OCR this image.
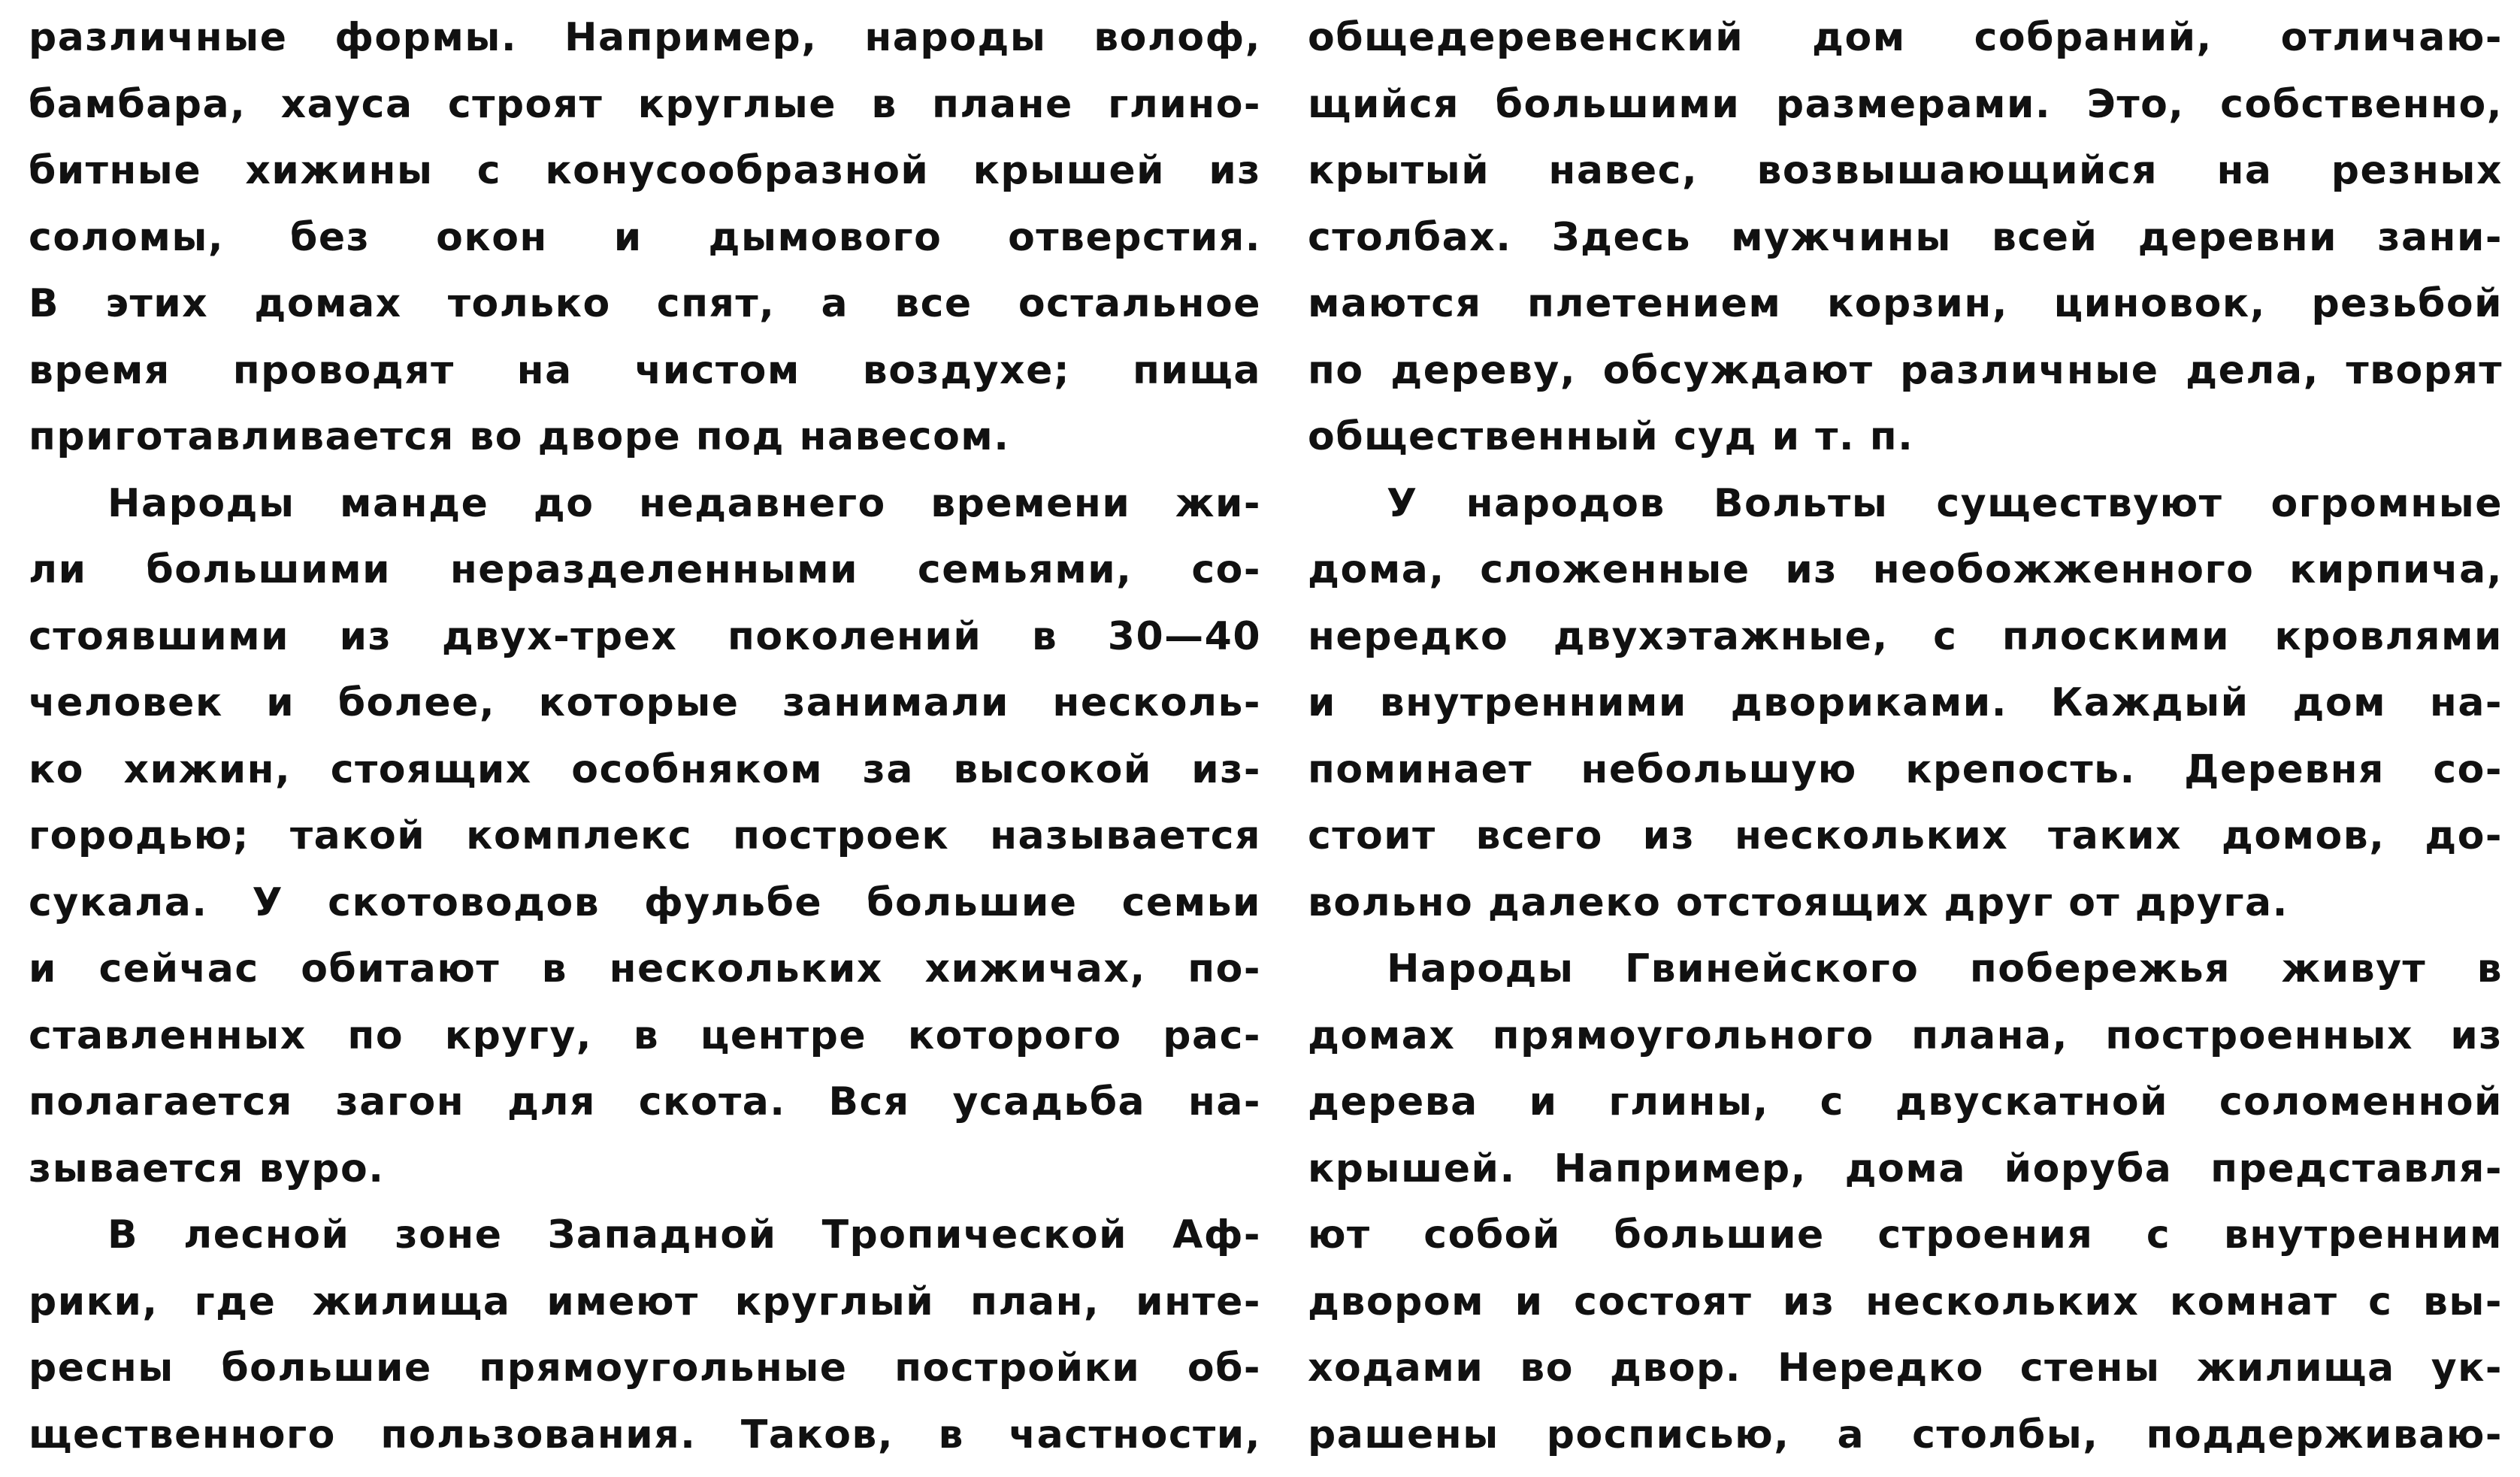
различные формы. Например, народы волоф,
бамбара, хауса строят круглые в плане глино-
битные хижины с конусообразной крышей из
соломы, без окон и дымового отверстия.
В этих домах только спят, а все остальное
время проводят на чистом воздухе; пища
приготавливается во дворе под навесом.
Народы манде до недавнего времени жи-
ли большими неразделенными семьями, со-
стоявшими из двух-трех поколений в 30—40
человек и более, которые занимали несколь-
ко хижин, стоящих особняком за высокой из-
городью; такой комплекс построек называется
сукала. У скотоводов фульбе большие семьи
и сейчас обитают в нескольких хижичах, по-
ставленных по кругу, в центре которого рас-
полагается загон для скота. Вся усадьба на-
зывается вуро.
В лесной зоне Западной Тропической Аф-
рики, где жилища имеют круглый план, инте-
ресны большие прямоугольные постройки об-
щественного пользования. Таков, в частности,
общедеревенский дом собраний, отличаю-
щийся большими размерами. Это, собственно,
крытый навес, возвышающийся на резных
столбах. Здесь мужчины всей деревни зани-
маются плетением корзин, циновок, резьбой
по дереву, обсуждают различные дела, творят
общественный суд и т. п.
У народов Вольты существуют огромные
дома, сложенные из необожженного кирпича,
нередко двухэтажные, с плоскими кровлями
и внутренними двориками. Каждый дом на-
поминает небольшую крепость. Деревня со-
стоит всего из нескольких таких домов, до-
вольно далеко отстоящих друг от друга.
Народы Гвинейского побережья живут в
домах прямоугольного плана, построенных из
дерева и глины, с двускатной соломенной
крышей. Например, дома йоруба представля-
ют собой большие строения с внутренним
двором и состоят из нескольких комнат с вы-
ходами во двор. Нередко стены жилища ук-
рашены росписью, а столбы, поддерживаю-
